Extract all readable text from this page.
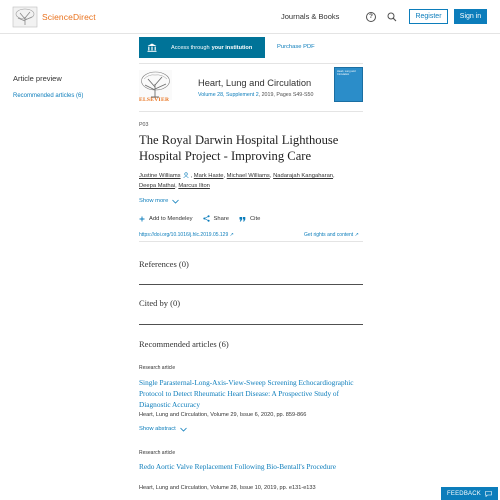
ScienceDirect	Journals & Books	?	Register	Sign in
Access through your institution	Purchase PDF
Article preview
Recommended articles (6)
ELSEVIER
Heart, Lung and Circulation
Volume 28, Supplement 2, 2019, Pages S49-S50
Heart, Lung and Circulation
P03
The Royal Darwin Hospital Lighthouse Hospital Project - Improving Care
Justine Williams , Mark Haste, Michael Williams, Nadarajah Kangaharan,
Deepa Mathai, Marcus Ilton
Show more
Add to Mendeley	Share	Cite
https://doi.org/10.1016/j.hlc.2019.05.129 ↗	Get rights and content ↗
References (0)
Cited by (0)
Recommended articles (6)
Research article
Single Parasternal-Long-Axis-View-Sweep Screening Echocardiographic Protocol to Detect Rheumatic Heart Disease: A Prospective Study of Diagnostic Accuracy
Heart, Lung and Circulation, Volume 29, Issue 6, 2020, pp. 859-866
Show abstract
Research article
Redo Aortic Valve Replacement Following Bio-Bentall's Procedure
Heart, Lung and Circulation, Volume 28, Issue 10, 2019, pp. e131-e133
FEEDBACK
